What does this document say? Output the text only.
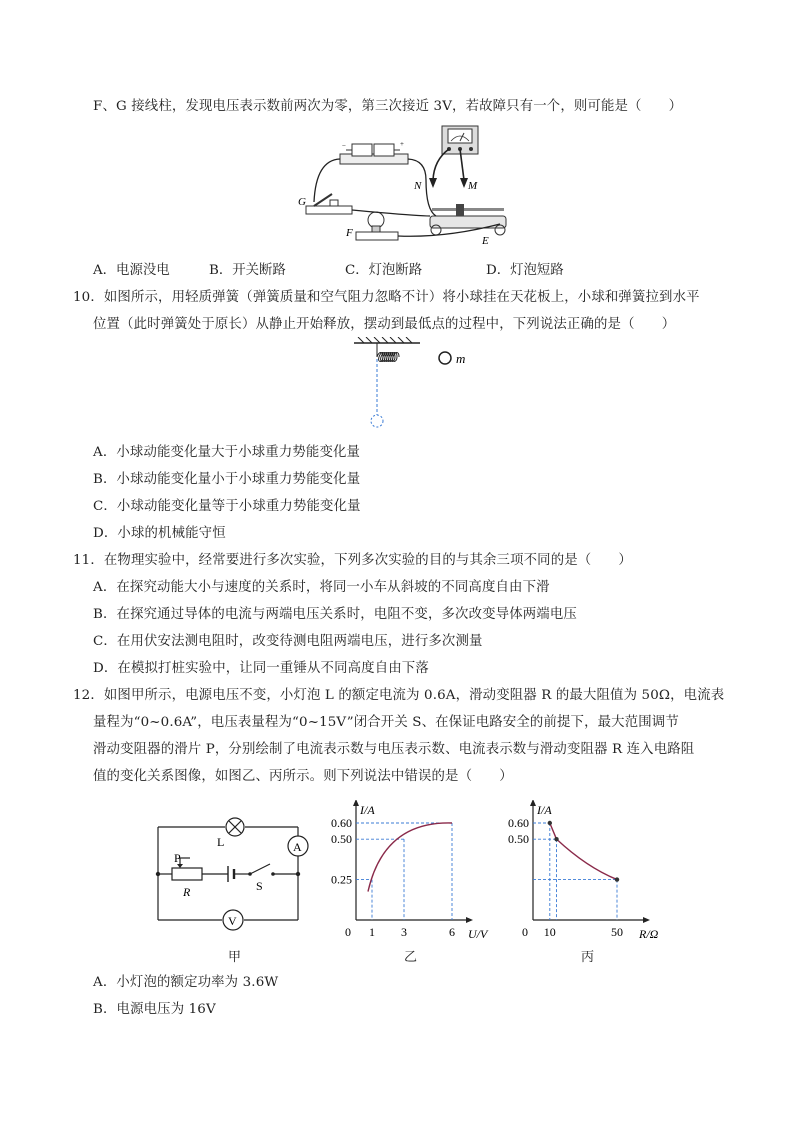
F、G 接线柱，发现电压表示数前两次为零，第三次接近 3V，若故障只有一个，则可能是（　　）
−	+
N	M
G
F
E
A．电源没电	B．开关断路	C．灯泡断路	D．灯泡短路
10．如图所示，用轻质弹簧（弹簧质量和空气阻力忽略不计）将小球挂在天花板上，小球和弹簧拉到水平
位置（此时弹簧处于原长）从静止开始释放，摆动到最低点的过程中，下列说法正确的是（　　）
m
A．小球动能变化量大于小球重力势能变化量
B．小球动能变化量小于小球重力势能变化量
C．小球动能变化量等于小球重力势能变化量
D．小球的机械能守恒
11．在物理实验中，经常要进行多次实验，下列多次实验的目的与其余三项不同的是（　　）
A．在探究动能大小与速度的关系时，将同一小车从斜坡的不同高度自由下滑
B．在探究通过导体的电流与两端电压关系时，电阻不变，多次改变导体两端电压
C．在用伏安法测电阻时，改变待测电阻两端电压，进行多次测量
D．在模拟打桩实验中，让同一重锤从不同高度自由下落
12．如图甲所示，电源电压不变，小灯泡 L 的额定电流为 0.6A，滑动变阻器 R 的最大阻值为 50Ω，电流表
量程为“0~0.6A”，电压表量程为“0~15V”闭合开关 S、在保证电路安全的前提下，最大范围调节
滑动变阻器的滑片 P，分别绘制了电流表示数与电压表示数、电流表示数与滑动变阻器 R 连入电路阻
值的变化关系图像，如图乙、丙所示。则下列说法中错误的是（　　）
A
V
L
P
R	S
I/A
U/V
0.25
0.50
0.60
0 1 3	6
乙
I/A
R/Ω
0.50
0.60
0 10	50
丙
甲
A．小灯泡的额定功率为 3.6W
B．电源电压为 16V
